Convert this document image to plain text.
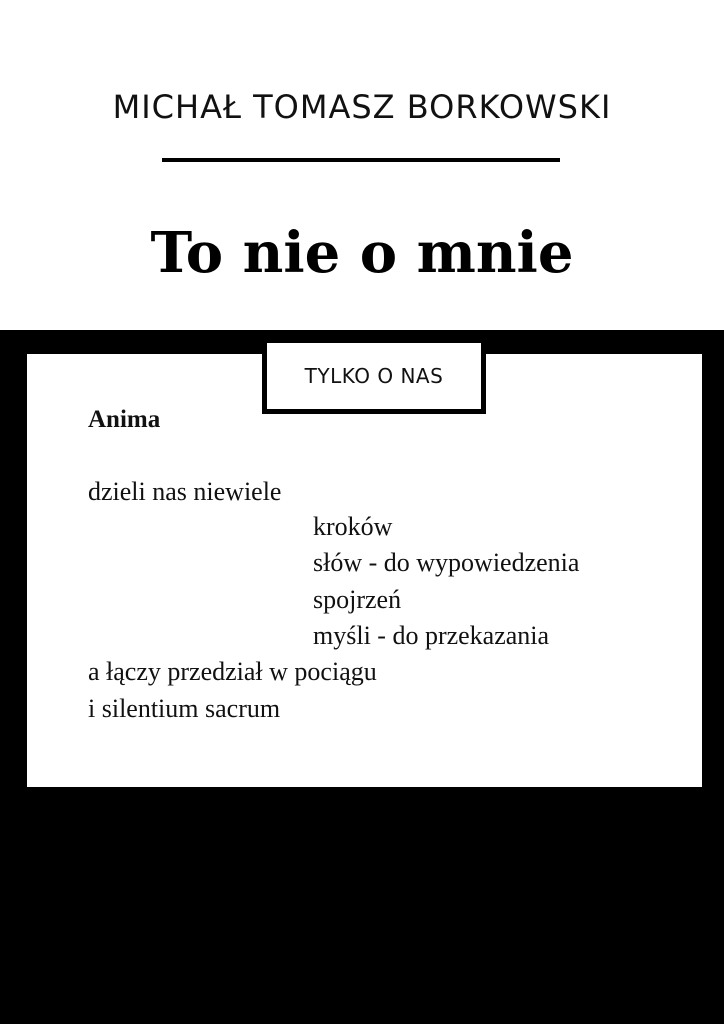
MICHAŁ TOMASZ BORKOWSKI
To nie o mnie
TYLKO O NAS
Anima
dzieli nas niewiele
kroków
słów - do wypowiedzenia
spojrzeń
myśli - do przekazania
a łączy przedział w pociągu
i silentium sacrum
